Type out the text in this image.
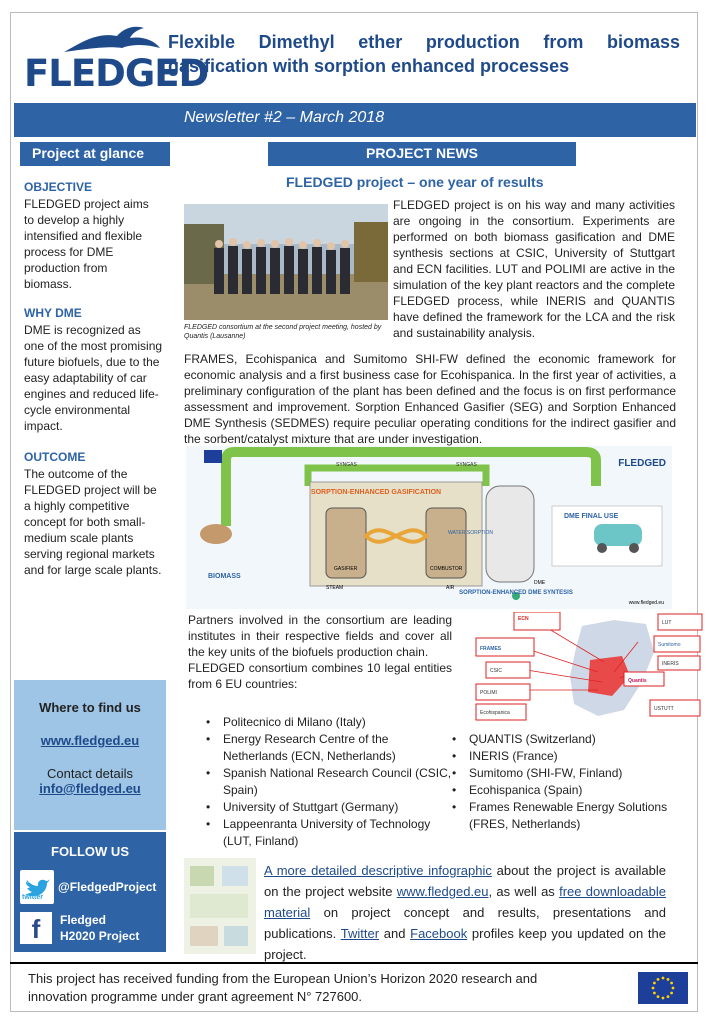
FLEDGED
Flexible Dimethyl ether production from biomass
gasification with sorption enhanced processes
Newsletter #2 – March 2018
Project at glance
OBJECTIVE

FLEDGED project aims to develop a highly intensified and flexible process for DME production from biomass.

WHY DME

DME is recognized as one of the most promising future biofuels, due to the easy adaptability of car engines and reduced life-cycle environmental impact.

OUTCOME

The outcome of the FLEDGED project will be a highly competitive concept for both small-medium scale plants serving regional markets and for large scale plants.

Where to find us
www.fledged.eu
Contact details
info@fledged.eu
FOLLOW US
twitter
@FledgedProject
f	Fledged
H2020 Project
PROJECT NEWS
FLEDGED project – one year of results
FLEDGED consortium at the second project meeting, hosted by Quantis (Lausanne)
FLEDGED project is on his way and many activities are ongoing in the consortium. Experiments are performed on both biomass gasification and DME synthesis sections at CSIC, University of Stuttgart and ECN facilities. LUT and POLIMI are active in the simulation of the key plant reactors and the complete FLEDGED process, while INERIS and QUANTIS have defined the framework for the LCA and the risk and sustainability analysis.
FRAMES, Ecohispanica and Sumitomo SHI-FW defined the economic framework for economic analysis and a first business case for Ecohispanica. In the first year of activities, a preliminary configuration of the plant has been defined and the focus is on first performance assessment and improvement. Sorption Enhanced Gasifier (SEG) and Sorption Enhanced DME Synthesis (SEDMES) require peculiar operating conditions for the indirect gasifier and the sorbent/catalyst mixture that are under investigation.
BIOMASS
SORPTION-ENHANCED GASIFICATION
GASIFIER	COMBUSTOR
STEAM	AIR
SYNGAS	SYNGAS
WATER SORPTION
DME FINAL USE
DME
SORPTION-ENHANCED DME SYNTESIS
www.fledged.eu
FLEDGED
Partners involved in the consortium are leading institutes in their respective fields and cover all the key units of the biofuels production chain.
FLEDGED consortium combines 10 legal entities from 6 EU countries:
ECN
FRAMES
Sumitomo
Quantis
POLIMI
LUT
CSIC
INERIS
Ecohispanica
USTUTT
• Politecnico di Milano (Italy)
• Energy Research Centre of the Netherlands (ECN, Netherlands)
• Spanish National Research Council (CSIC, Spain)
• University of Stuttgart (Germany)
• Lappeenranta University of Technology (LUT, Finland)
• QUANTIS (Switzerland)
• INERIS (France)
• Sumitomo (SHI-FW, Finland)
• Ecohispanica (Spain)
• Frames Renewable Energy Solutions (FRES, Netherlands)
A more detailed descriptive infographic about the project is available on the project website www.fledged.eu, as well as free downloadable material on project concept and results, presentations and publications. Twitter and Facebook profiles keep you updated on the project.
This project has received funding from the European Union’s Horizon 2020 research and innovation programme under grant agreement N° 727600.
